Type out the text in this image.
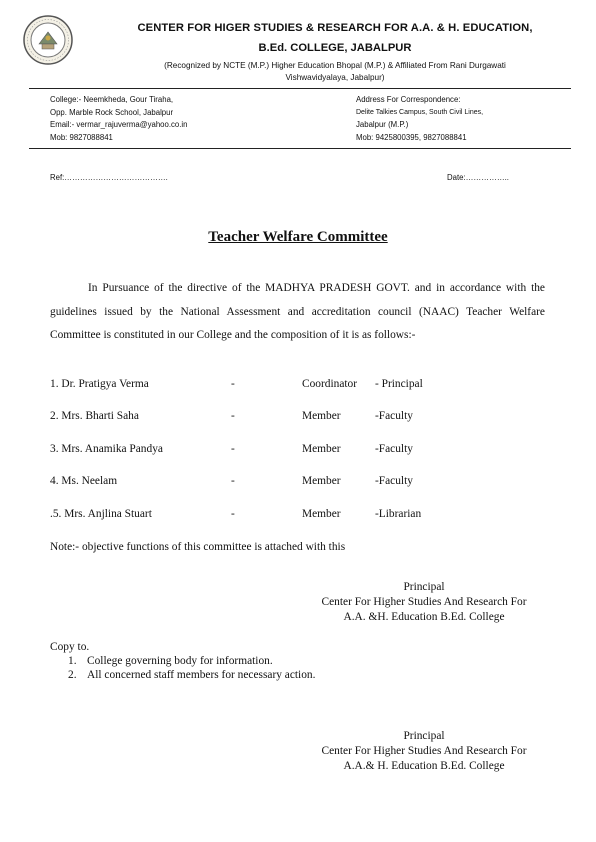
CENTER FOR HIGER STUDIES & RESEARCH FOR A.A. & H. EDUCATION,
B.Ed. COLLEGE, JABALPUR
(Recognized by NCTE (M.P.) Higher Education Bhopal (M.P.) & Affiliated From Rani Durgawati
Vishwavidyalaya, Jabalpur)
College:- Neemkheda, Gour Tiraha,
Opp. Marble Rock School, Jabalpur
Email:- vermar_rajuverma@yahoo.co.in
Mob: 9827088841
Address For Correspondence:
Delite Talkies Campus, South Civil Lines,
Jabalpur (M.P.)
Mob: 9425800395, 9827088841
Ref:………………………………….	Date:……………..
Teacher Welfare Committee
In Pursuance of the directive of the MADHYA PRADESH GOVT. and in accordance with the guidelines issued by the National Assessment and accreditation council (NAAC) Teacher Welfare Committee is constituted in our College and the composition of it is as follows:-
1. Dr. Pratigya Verma	-	Coordinator - Principal
2. Mrs. Bharti Saha	-	Member	-Faculty
3. Mrs. Anamika Pandya	-	Member	-Faculty
4. Ms. Neelam	-	Member	-Faculty
.5. Mrs. Anjlina Stuart	-	Member	-Librarian
Note:- objective functions of this committee is attached with this
Principal
Center For Higher Studies And Research For
A.A. &H. Education B.Ed. College
Copy to.
1. College governing body for information.
2. All concerned staff members for necessary action.
Principal
Center For Higher Studies And Research For
A.A.& H. Education B.Ed. College
